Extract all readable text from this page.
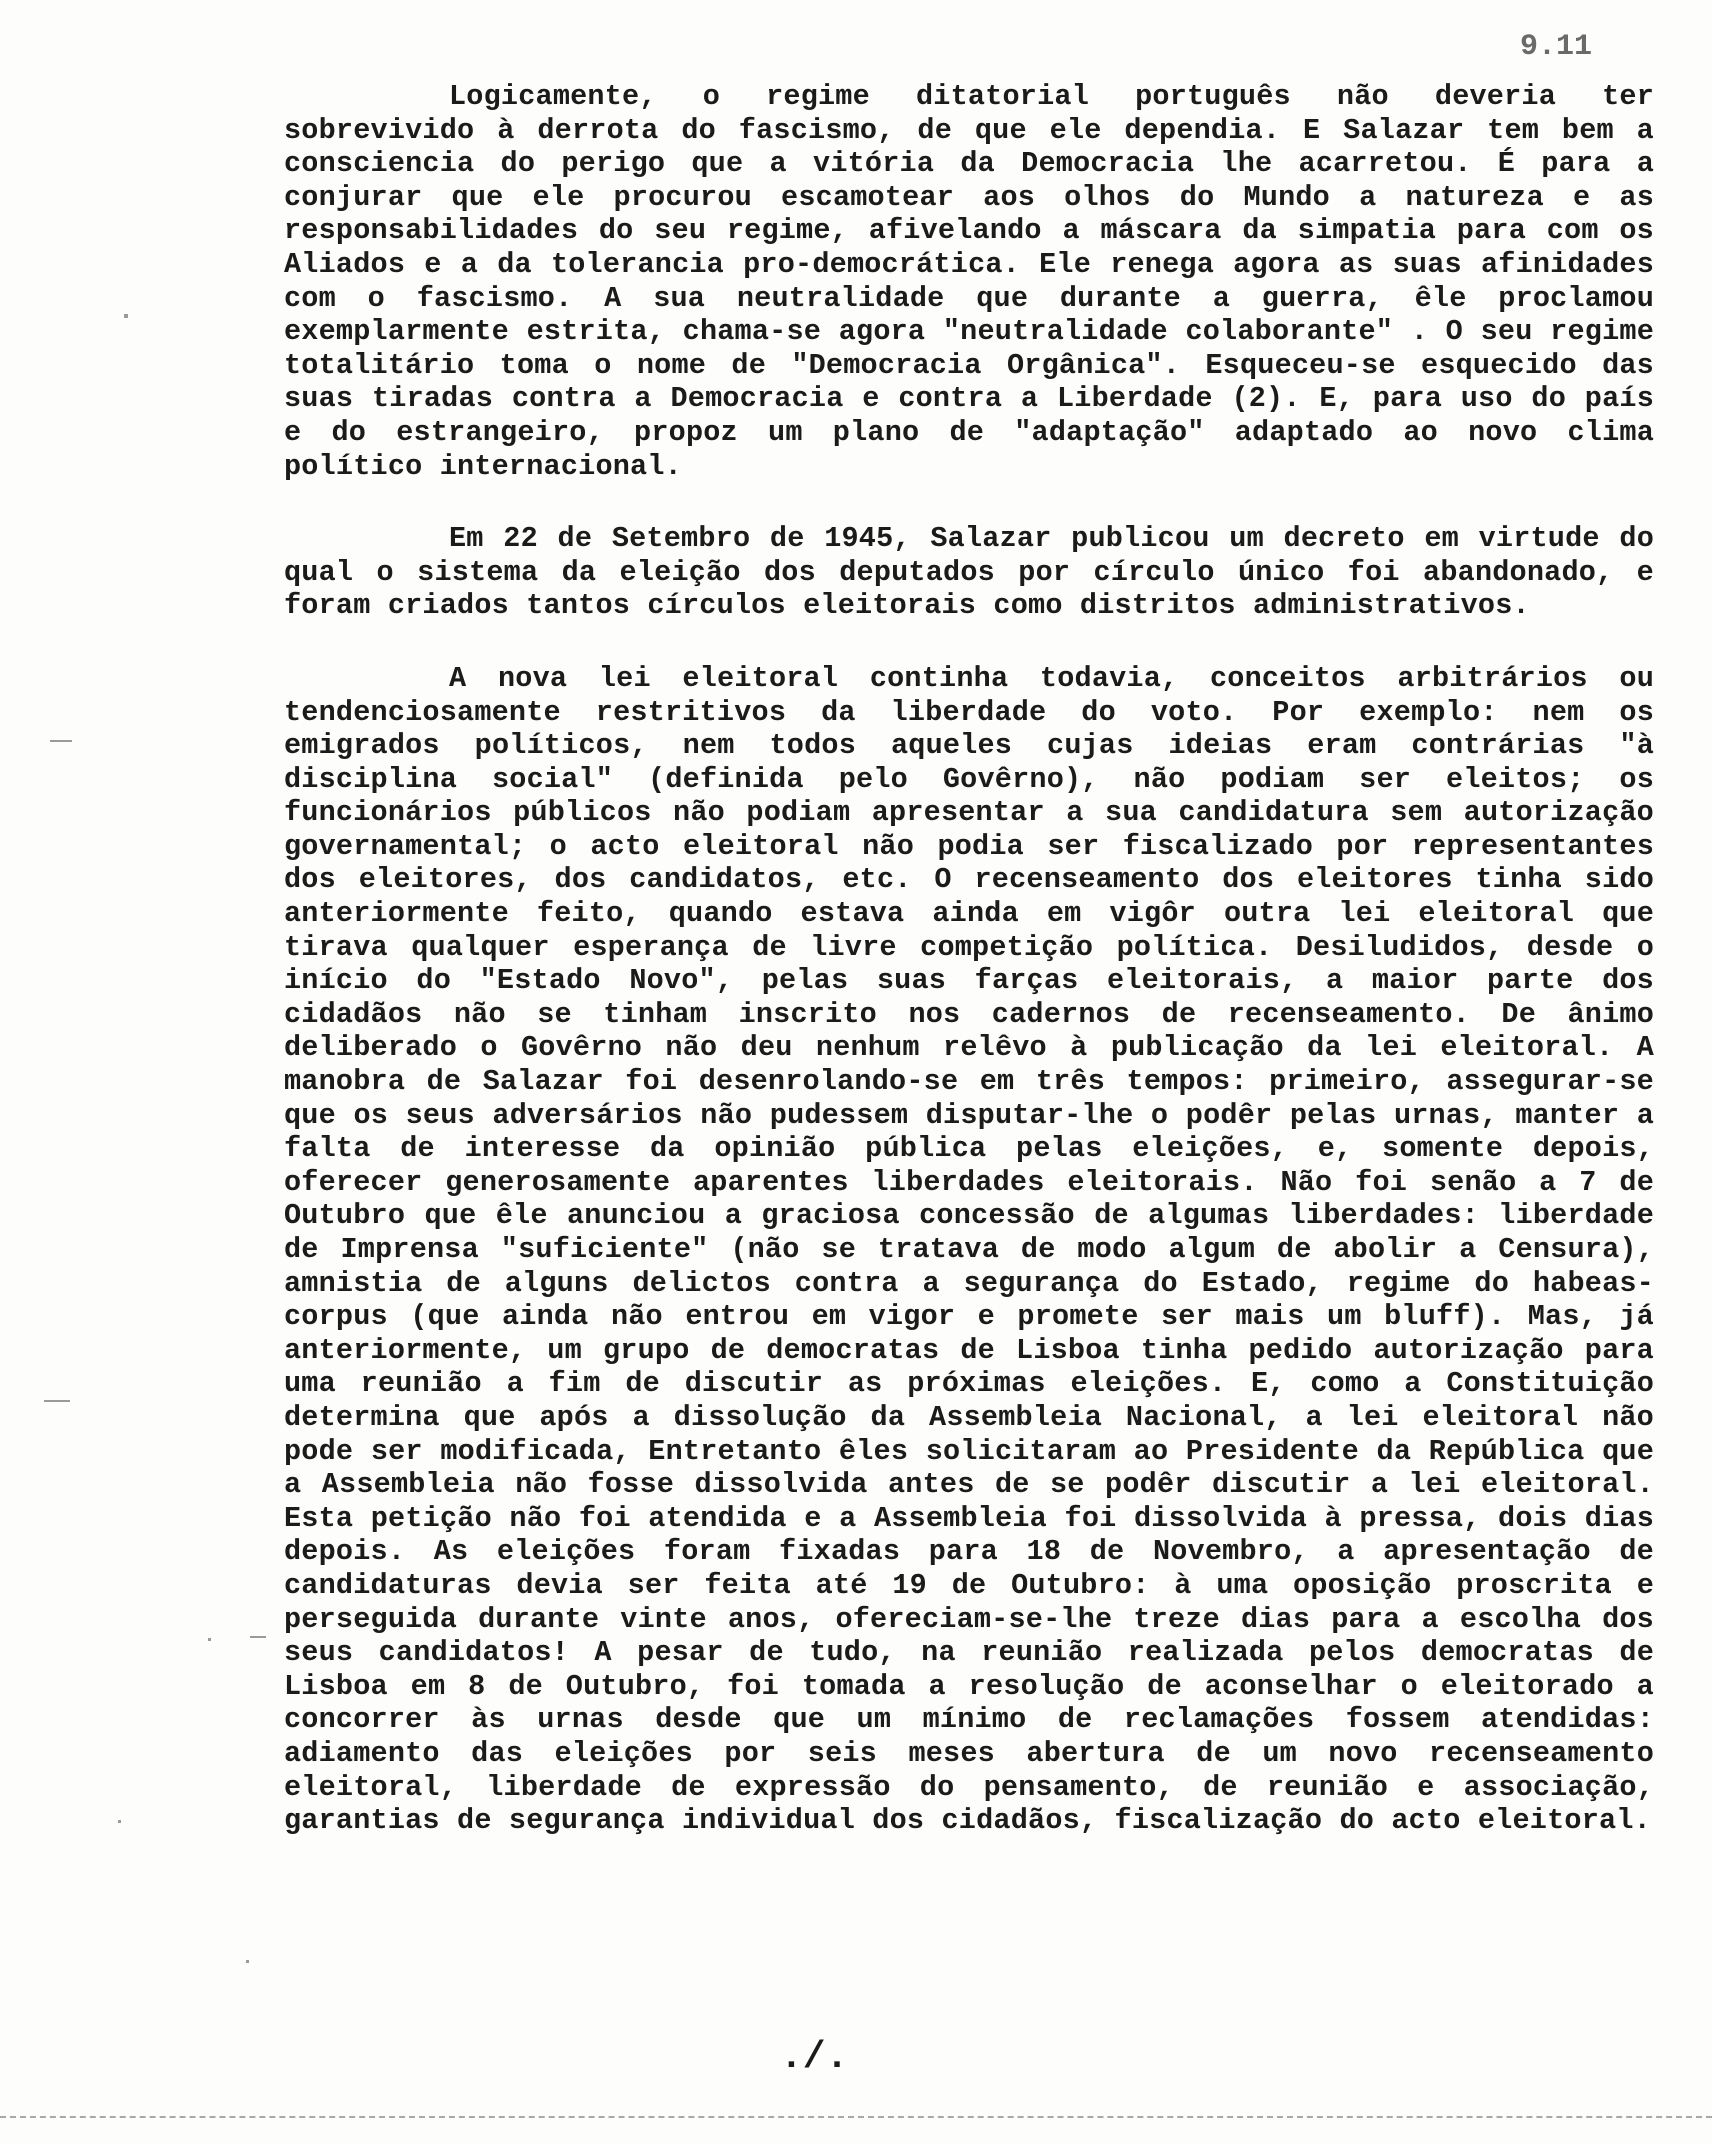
9.11

Logicamente, o regime ditatorial português não deveria ter sobrevivido à derrota do fascismo, de que ele dependia. E Salazar tem bem a consciencia do perigo que a vitória da Democracia lhe acarretou. É para a conjurar que ele procurou escamotear aos olhos do Mundo a natureza e as responsabilidades do seu regime, afivelando a máscara da simpatia para com os Aliados e a da tolerancia pro-democrática. Ele renega agora as suas afinidades com o fascismo. A sua neutralidade que durante a guerra, êle proclamou exemplarmente estrita, chama-se agora "neutralidade colaborante" . O seu regime totalitário toma o nome de "Democracia Orgânica". Esqueceu-se esquecido das suas tiradas contra a Democracia e contra a Liberdade (2). E, para uso do país e do estrangeiro, propoz um plano de "adaptação" adaptado ao novo clima político internacional.

Em 22 de Setembro de 1945, Salazar publicou um decreto em virtude do qual o sistema da eleição dos deputados por círculo único foi abandonado, e foram criados tantos círculos eleitorais como distritos administrativos.

A nova lei eleitoral continha todavia, conceitos arbitrários ou tendenciosamente restritivos da liberdade do voto. Por exemplo: nem os emigrados políticos, nem todos aqueles cujas ideias eram contrárias "à disciplina social" (definida pelo Govêrno), não podiam ser eleitos; os funcionários públicos não podiam apresentar a sua candidatura sem autorização governamental; o acto eleitoral não podia ser fiscalizado por representantes dos eleitores, dos candidatos, etc. O recenseamento dos eleitores tinha sido anteriormente feito, quando estava ainda em vigôr outra lei eleitoral que tirava qualquer esperança de livre competição política. Desiludidos, desde o início do "Estado Novo", pelas suas farças eleitorais, a maior parte dos cidadãos não se tinham inscrito nos cadernos de recenseamento. De ânimo deliberado o Govêrno não deu nenhum relêvo à publicação da lei eleitoral. A manobra de Salazar foi desenrolando-se em três tempos: primeiro, assegurar-se que os seus adversários não pudessem disputar-lhe o podêr pelas urnas, manter a falta de interesse da opinião pública pelas eleições, e, somente depois, oferecer generosamente aparentes liberdades eleitorais. Não foi senão a 7 de Outubro que êle anunciou a graciosa concessão de algumas liberdades: liberdade de Imprensa "suficiente" (não se tratava de modo algum de abolir a Censura), amnistia de alguns delictos contra a segurança do Estado, regime do habeas-corpus (que ainda não entrou em vigor e promete ser mais um bluff). Mas, já anteriormente, um grupo de democratas de Lisboa tinha pedido autorização para uma reunião a fim de discutir as próximas eleições. E, como a Constituição determina que após a dissolução da Assembleia Nacional, a lei eleitoral não pode ser modificada, Entretanto êles solicitaram ao Presidente da República que a Assembleia não fosse dissolvida antes de se podêr discutir a lei eleitoral. Esta petição não foi atendida e a Assembleia foi dissolvida à pressa, dois dias depois. As eleições foram fixadas para 18 de Novembro, a apresentação de candidaturas devia ser feita até 19 de Outubro: à uma oposição proscrita e perseguida durante vinte anos, ofereciam-se-lhe treze dias para a escolha dos seus candidatos! A pesar de tudo, na reunião realizada pelos democratas de Lisboa em 8 de Outubro, foi tomada a resolução de aconselhar o eleitorado a concorrer às urnas desde que um mínimo de reclamações fossem atendidas: adiamento das eleições por seis meses abertura de um novo recenseamento eleitoral, liberdade de expressão do pensamento, de reunião e associação, garantias de segurança individual dos cidadãos, fiscalização do acto eleitoral.

./.
